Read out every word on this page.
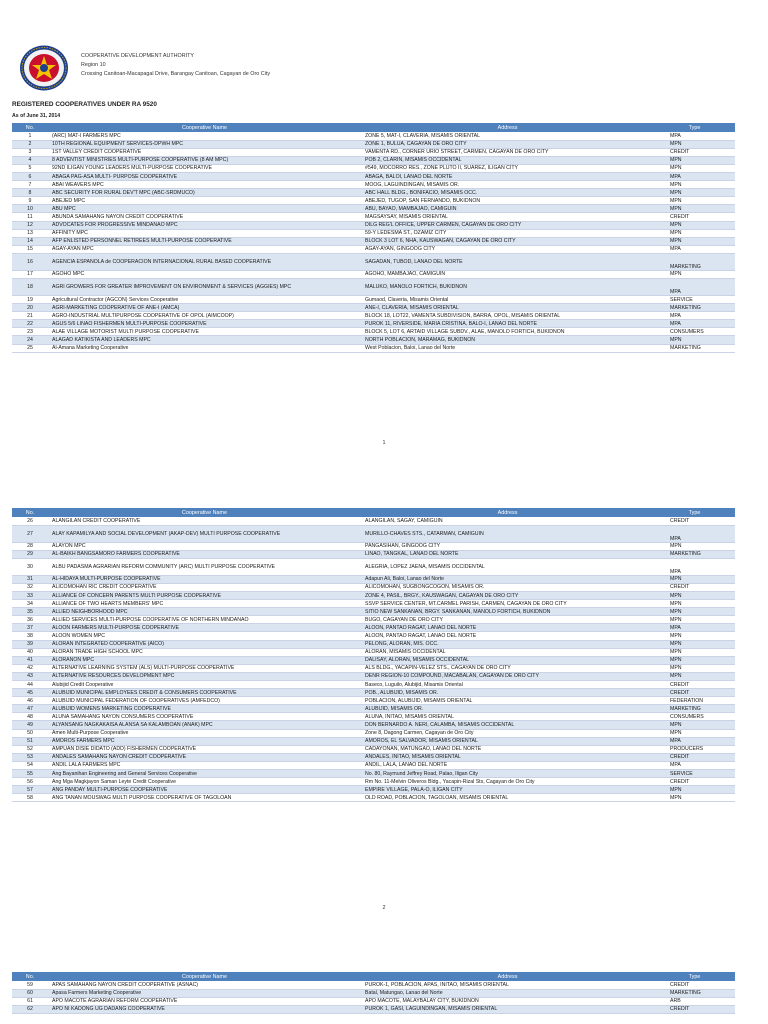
COOPERATIVE DEVELOPMENT AUTHORITY
Region 10
Crossing Canitoan-Macapagal Drive, Barangay Canitoan, Cagayan de Oro City
REGISTERED COOPERATIVES UNDER RA 9520
As of June 31, 2014
No.	Cooperative Name	Address	Type
1	(ARC) MAT-I FARMERS MPC	ZONE 5, MAT-I, CLAVERIA, MISAMIS ORIENTAL	MPA
2	10TH REGIONAL EQUIPMENT SERVICES-DPWH MPC	ZONE 1, BULUA, CAGAYAN DE ORO CITY	MPN
3	1ST VALLEY CREDIT COOPERATIVE	VAMENTA RD., CORNER URIO STREET, CARMEN, CAGAYAN DE ORO CITY	CREDIT
4	8 ADVENTIST MINISTRIES MULTI-PURPOSE COOPERATIVE (8 AM MPC)	POB 2, CLARIN, MISAMIS OCCIDENTAL	MPN
5	92ND ILIGAN YOUNG LEADERS MULTI-PURPOSE COOPERATIVE	#549, MOCORRO RES., ZONE PLUTO II, SUAREZ, ILIGAN CITY	MPN
6	ABAGA PAG-ASA MULTI- PURPOSE COOPERATIVE	ABAGA, BALOI, LANAO DEL NORTE	MPA
7	ABAI WEAVERS MPC	MOOG, LAGUINDINGAN, MISAMIS OR.	MPN
8	ABC SECURITY FOR RURAL DEV'T MPC (ABC-SRDMUCO)	ABC HALL BLDG., BONIFACIO, MISAMIS OCC.	MPN
9	ABEJED MPC	ABEJED, TUGOP, SAN FERNANDO, BUKIDNON	MPN
10	ABU MPC	ABU, BAYAO, MAMBAJAO, CAMIGUIN	MPN
11	ABUNDA SAMAHANG NAYON CREDIT COOPERATIVE	MAGSAYSAY, MISAMIS ORIENTAL	CREDIT
12	ADVOCATES FOR PROGRESSIVE MINDANAO MPC	DILG REG'L OFFICE, UPPER CARMEN, CAGAYAN DE ORO CITY	MPN
13	AFFINITY MPC	59-Y LEDESMA ST., OZAMIZ CITY	MPN
14	AFP ENLISTED PERSONNEL RETIREES MULTI-PURPOSE COOPERATIVE	BLOCK 3 LOT 6, NHA, KAUSWAGAN, CAGAYAN DE ORO CITY	MPN
15	AGAY-AYAN MPC	AGAY-AYAN, GINGOOG CITY	MPA
16	AGENCIA ESPANOLA de COOPERACION INTERNACIONAL RURAL BASED COOPERATIVE	SAGADAN, TUBOD, LANAO DEL NORTE	MARKETING
17	AGOHO MPC	AGOHO, MAMBAJAO, CAMIGUIN	MPN
18	AGRI GROWERS FOR GREATER IMPROVEMENT ON ENVIRONMENT & SERVICES (AGGIES) MPC	MALUKO, MANOLO FORTICH, BUKIDNON	MPA
19	Agricultural Contractor (AGCON) Services Cooperative	Gumaod, Claveria, Misamis Oriental	SERVICE
20	AGRI-MARKETING COOPERATIVE OF ANE-I (AMCA)	ANE-I, CLAVERIA, MISAMIS ORIENTAL	MARKETING
21	AGRO-INDUSTRIAL MULTIPURPOSE COOPERATIVE OF OPOL (AIMCOOP)	BLOCK 18, LOT22, VAMENTA SUBDIVISION, BARRA, OPOL, MISAMIS ORIENTAL	MPA
22	AGUS 5/6 LINAO FISHERMEN MULTI-PURPOSE COOPERATIVE	PUROK 11, RIVERSIDE, MARIA CRISTINA, BALO-I, LANAO DEL NORTE	MPA
23	ALAE VILLAGE MOTORIST MULTI PURPOSE COOPERATIVE	BLOCK 5, LOT 6, ARTAID VILLAGE SUBDV., ALAE, MANOLO FORTICH, BUKIDNON	CONSUMERS
24	ALAGAD KATIKISTA AND LEADERS MPC	NORTH POBLACION, MARAMAG, BUKIDNON	MPN
25	Al-Amana Marketing Cooperative	West Poblacion, Baloi, Lanao del Norte	MARKETING
1
No.	Cooperative Name	Address	Type
26	ALANGILAN CREDIT COOPERATIVE	ALANGILAN, SAGAY, CAMIGUIN	CREDIT
27	ALAY KAPAMILYA AND SOCIAL DEVELOPMENT (AKAP-DEV) MULTI PURPOSE COOPERATIVE	MURILLO-CHAVES STS., CATARMAN, CAMIGUIN	MPA
28	ALAYON MPC	PANGASIHAN, GINGOOG CITY	MPN
29	AL-BAIKH BANGSAMORO FARMERS COOPERATIVE	LINAO, TANGKAL, LANAO DEL NORTE	MARKETING
30	ALBU PADASMA AGRARIAN REFORM COMMUNITY (ARC) MULTI PURPOSE COOPERATIVE	ALEGRIA, LOPEZ JAENA, MISAMIS OCCIDENTAL	MPA
31	AL-HIDAYA MULTI-PURPOSE COOPERATIVE	Adapun Ali, Baloi, Lanao del Norte	MPN
32	ALICOMOHAN RIC CREDIT COOPERATIVE	ALICOMOHAN, SUGBONGCOGON, MISAMIS OR.	CREDIT
33	ALLIANCE OF CONCERN PARENTS MULTI PURPOSE COOPERATIVE	ZONE 4, PASIL, BRGY., KAUSWAGAN, CAGAYAN DE ORO CITY	MPN
34	ALLIANCE OF TWO HEARTS MEMBERS' MPC	SSVP SERVICE CENTER, MT.CARMEL PARISH, CARMEN, CAGAYAN DE ORO CITY	MPN
35	ALLIED NEIGHBORHOOD MPC	SITIO NEW SANKANAN, BRGY. SANKANAN, MANOLO FORTICH, BUKIDNON	MPN
36	ALLIED SERVICES MULTI-PURPOSE COOPERATIVE OF NORTHERN MINDANAO	BUGO, CAGAYAN DE ORO CITY	MPN
37	ALOON FARMERS MULTI-PURPOSE COOPERATIVE	ALOON, PANTAO RAGAT, LANAO DEL NORTE	MPA
38	ALOON WOMEN MPC	ALOON, PANTAO RAGAT, LANAO DEL NORTE	MPN
39	ALORAN INTEGRATED COOPERATIVE (AICO)	PELONG, ALORAN, MIS. OCC.	MPN
40	ALORAN TRADE HIGH SCHOOL MPC	ALORAN, MISAMIS OCCIDENTAL	MPN
41	ALORANON MPC	DALISAY, ALORAN, MISAMIS OCCIDENTAL	MPN
42	ALTERNATIVE LEARNING SYSTEM (ALS) MULTI-PURPOSE COOPERATIVE	ALS BLDG., YACAPIN-VELEZ STS., CAGAYAN DE ORO CITY	MPN
43	ALTERNATIVE RESOURCES DEVELOPMENT MPC	DENR REGION-10 COMPOUND, MACABALAN, CAGAYAN DE ORO CITY	MPN
44	Alubijid Credit Cooperative	Baseco, Luguilo, Alubijid, Misamis Oriental	CREDIT
45	ALUBIJID MUNICIPAL EMPLOYEES CREDIT & CONSUMERS COOPERATIVE	POB., ALUBIJID, MISAMIS OR.	CREDIT
46	ALUBIJID MUNICIPAL FEDERATION OF COOPERATIVES (AMFEDCO)	POBLACION, ALUBIJID, MISAMIS ORIENTAL	FEDERATION
47	ALUBIJID WOMENS MARKETING COOPERATIVE	ALUBIJID, MISAMIS OR.	MARKETING
48	ALUNA SAMAHANG NAYON CONSUMERS COOPERATIVE	ALUNA, INITAO, MISAMIS ORIENTAL	CONSUMERS
49	ALYANSANG NAGKAKAISA ALANSA SA KALAMBOAN (ANAK) MPC	DON BERNARDO A. NERI, CALAMBA, MISAMIS OCCIDENTAL	MPN
50	Amen Multi-Purpose Cooperative	Zone 8, Dagong Carmen, Cagayan de Oro City	MPN
51	AMOROS FARMERS MPC	AMOROS, EL SALVADOR, MISAMIS ORIENTAL	MPA
52	AMPUAN DISIE DIDATO (ADD) FISHERMEN COOPERATIVE	CADAYONAN, MATUNGAO, LANAO DEL NORTE	PRODUCERS
53	ANDALES SAMAHANG NAYON CREDIT COOPERATIVE	ANDALES, INITAO, MISAMIS ORIENTAL	CREDIT
54	ANDIL LALA FARMERS MPC	ANDIL, LALA, LANAO DEL NORTE	MPA
55	Ang Bayanihan Engineering and General Services Cooperative	No. 80, Raymund Jeffrey Road, Palao, Iligan City	SERVICE
56	Ang Mga Magkjayon Saman Leyte Credit Cooperative	Rm No. 11-Melvin Oliveros Bldg., Yacapin-Rizal Sts, Cagayan de Oro City	CREDIT
57	ANG PANDAY MULTI-PURPOSE COOPERATIVE	EMPIRE VILLAGE, PALA-O, ILIGAN CITY	MPN
58	ANG TANAN MOUSWAG MULTI PURPOSE COOPERATIVE OF TAGOLOAN	OLD ROAD, POBLACION, TAGOLOAN, MISAMIS ORIENTAL	MPN
2
No.	Cooperative Name	Address	Type
59	APAS SAMAHANG NAYON CREDIT COOPERATIVE (ASNAC)	PUROK-1, POBLACION, APAS, INITAO, MISAMIS ORIENTAL	CREDIT
60	Apasa Farmers Marketing Cooperative	Batal, Matungao, Lanao del Norte	MARKETING
61	APO MACOTE AGRARIAN REFORM COOPERATIVE	APO MACOTE, MALAYBALAY CITY, BUKIDNON	ARB
62	APO NI KADONG UG DADANG COOPERATIVE	PUROK 1, GASI, LAGUINDINGAN, MISAMIS ORIENTAL	CREDIT
